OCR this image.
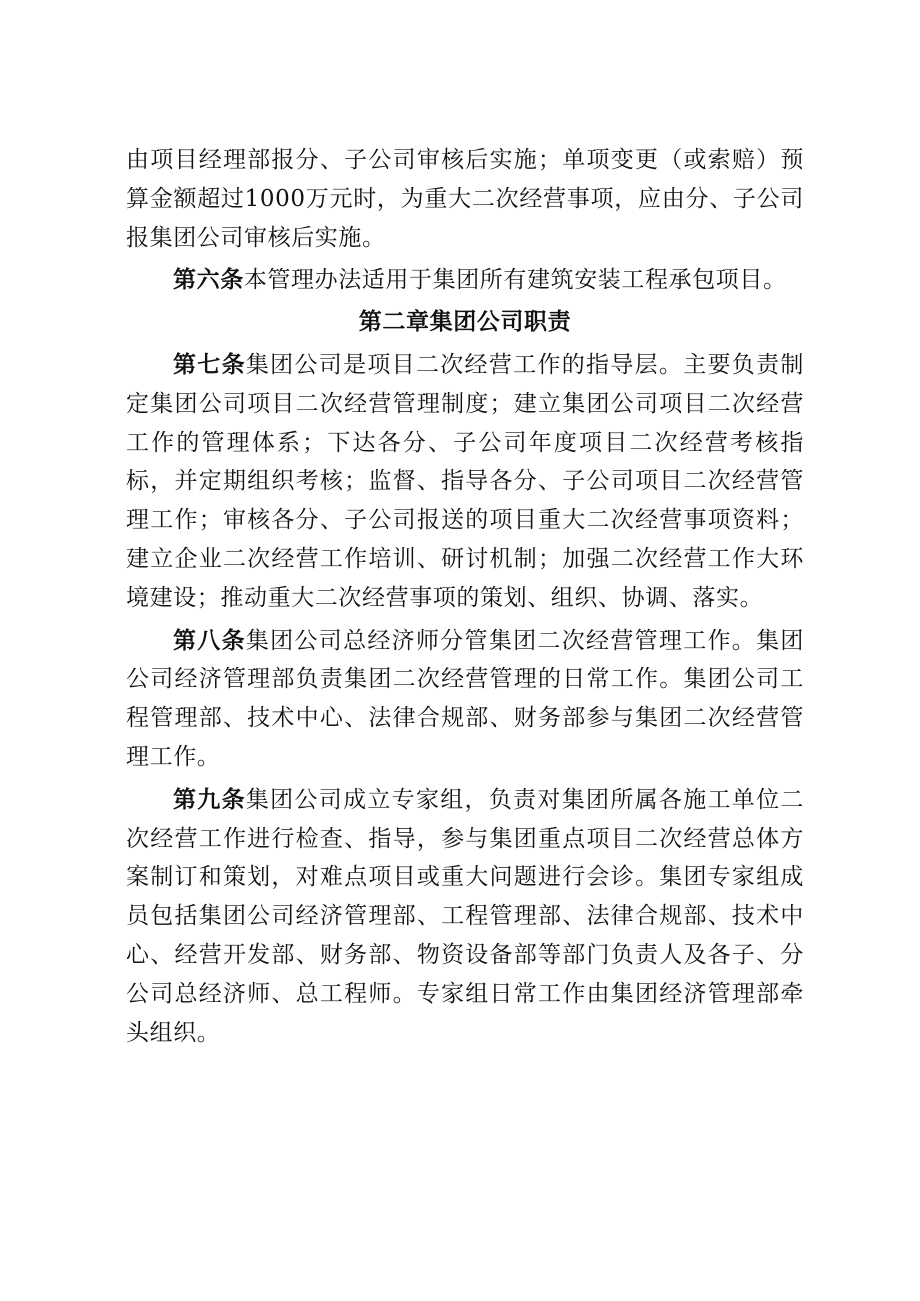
由项目经理部报分、子公司审核后实施；单项变更（或索赔）预算金额超过1000万元时，为重大二次经营事项，应由分、子公司报集团公司审核后实施。

第六条本管理办法适用于集团所有建筑安装工程承包项目。

第二章集团公司职责

第七条集团公司是项目二次经营工作的指导层。主要负责制定集团公司项目二次经营管理制度；建立集团公司项目二次经营工作的管理体系；下达各分、子公司年度项目二次经营考核指标，并定期组织考核；监督、指导各分、子公司项目二次经营管理工作；审核各分、子公司报送的项目重大二次经营事项资料；建立企业二次经营工作培训、研讨机制；加强二次经营工作大环境建设；推动重大二次经营事项的策划、组织、协调、落实。

第八条集团公司总经济师分管集团二次经营管理工作。集团公司经济管理部负责集团二次经营管理的日常工作。集团公司工程管理部、技术中心、法律合规部、财务部参与集团二次经营管理工作。

第九条集团公司成立专家组，负责对集团所属各施工单位二次经营工作进行检查、指导，参与集团重点项目二次经营总体方案制订和策划，对难点项目或重大问题进行会诊。集团专家组成员包括集团公司经济管理部、工程管理部、法律合规部、技术中心、经营开发部、财务部、物资设备部等部门负责人及各子、分公司总经济师、总工程师。专家组日常工作由集团经济管理部牵头组织。
